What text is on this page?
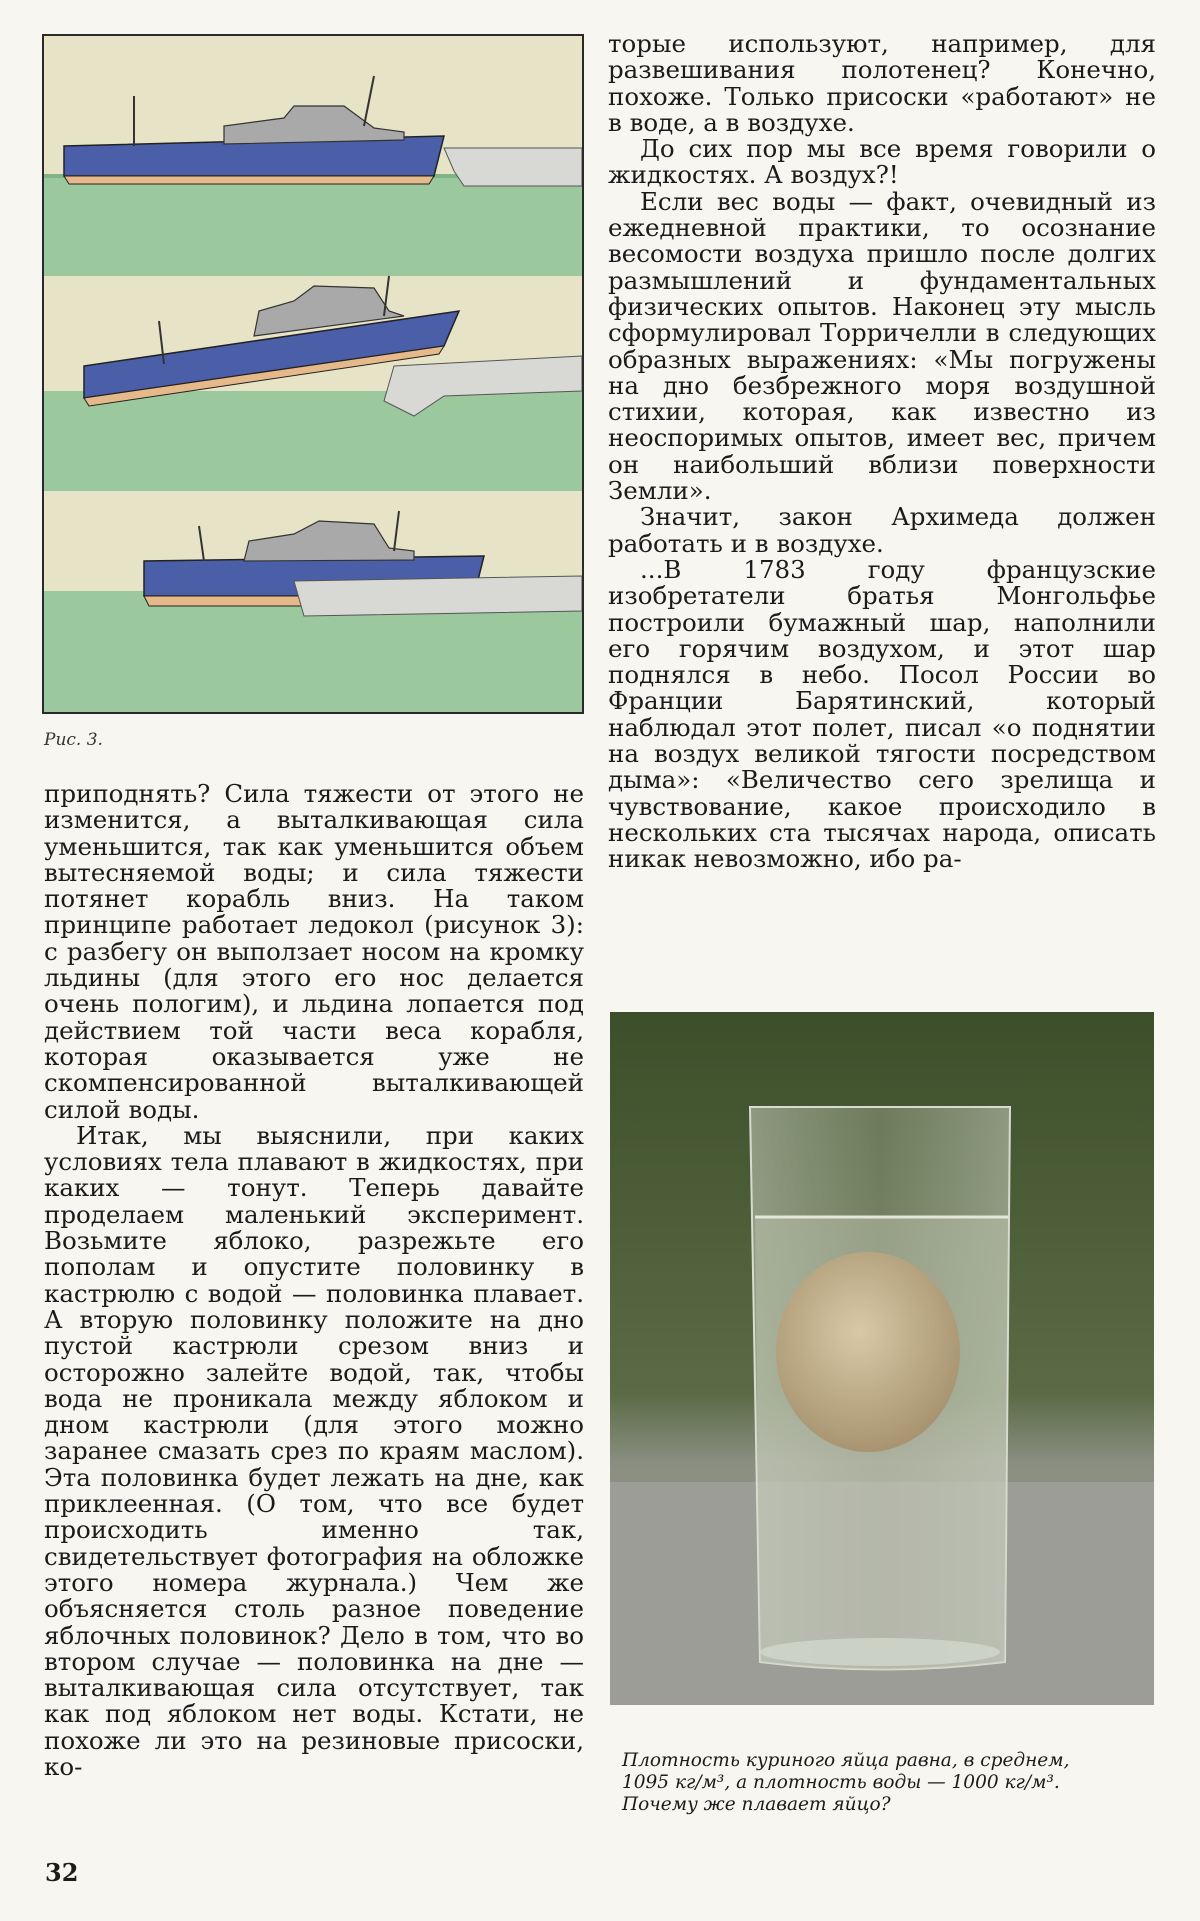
Рис. 3.

приподнять? Сила тяжести от этого не изменится, а выталкивающая сила уменьшится, так как уменьшится объем вытесняемой воды; и сила тяжести потянет корабль вниз. На таком принципе работает ледокол (рисунок 3): с разбегу он выползает носом на кромку льдины (для этого его нос делается очень пологим), и льдина лопается под действием той части веса корабля, которая оказывается уже не скомпенсированной выталкивающей силой воды.

Итак, мы выяснили, при каких условиях тела плавают в жидкостях, при каких — тонут. Теперь давайте проделаем маленький эксперимент. Возьмите яблоко, разрежьте его пополам и опустите половинку в кастрюлю с водой — половинка плавает. А вторую половинку положите на дно пустой кастрюли срезом вниз и осторожно залейте водой, так, чтобы вода не проникала между яблоком и дном кастрюли (для этого можно заранее смазать срез по краям маслом). Эта половинка будет лежать на дне, как приклеенная. (О том, что все будет происходить именно так, свидетельствует фотография на обложке этого номера журнала.) Чем же объясняется столь разное поведение яблочных половинок? Дело в том, что во втором случае — половинка на дне — выталкивающая сила отсутствует, так как под яблоком нет воды. Кстати, не похоже ли это на резиновые присоски, ко-

торые используют, например, для развешивания полотенец? Конечно, похоже. Только присоски «работают» не в воде, а в воздухе.

До сих пор мы все время говорили о жидкостях. А воздух?!

Если вес воды — факт, очевидный из ежедневной практики, то осознание весомости воздуха пришло после долгих размышлений и фундаментальных физических опытов. Наконец эту мысль сформулировал Торричелли в следующих образных выражениях: «Мы погружены на дно безбрежного моря воздушной стихии, которая, как известно из неоспоримых опытов, имеет вес, причем он наибольший вблизи поверхности Земли».

Значит, закон Архимеда должен работать и в воздухе.

...В 1783 году французские изобретатели братья Монгольфье построили бумажный шар, наполнили его горячим воздухом, и этот шар поднялся в небо. Посол России во Франции Барятинский, который наблюдал этот полет, писал «о поднятии на воздух великой тягости посредством дыма»: «Величество сего зрелища и чувствование, какое происходило в нескольких ста тысячах народа, описать никак невозможно, ибо ра-

Плотность куриного яйца равна, в среднем,
1095 кг/м³, а плотность воды — 1000 кг/м³.
Почему же плавает яйцо?
32
